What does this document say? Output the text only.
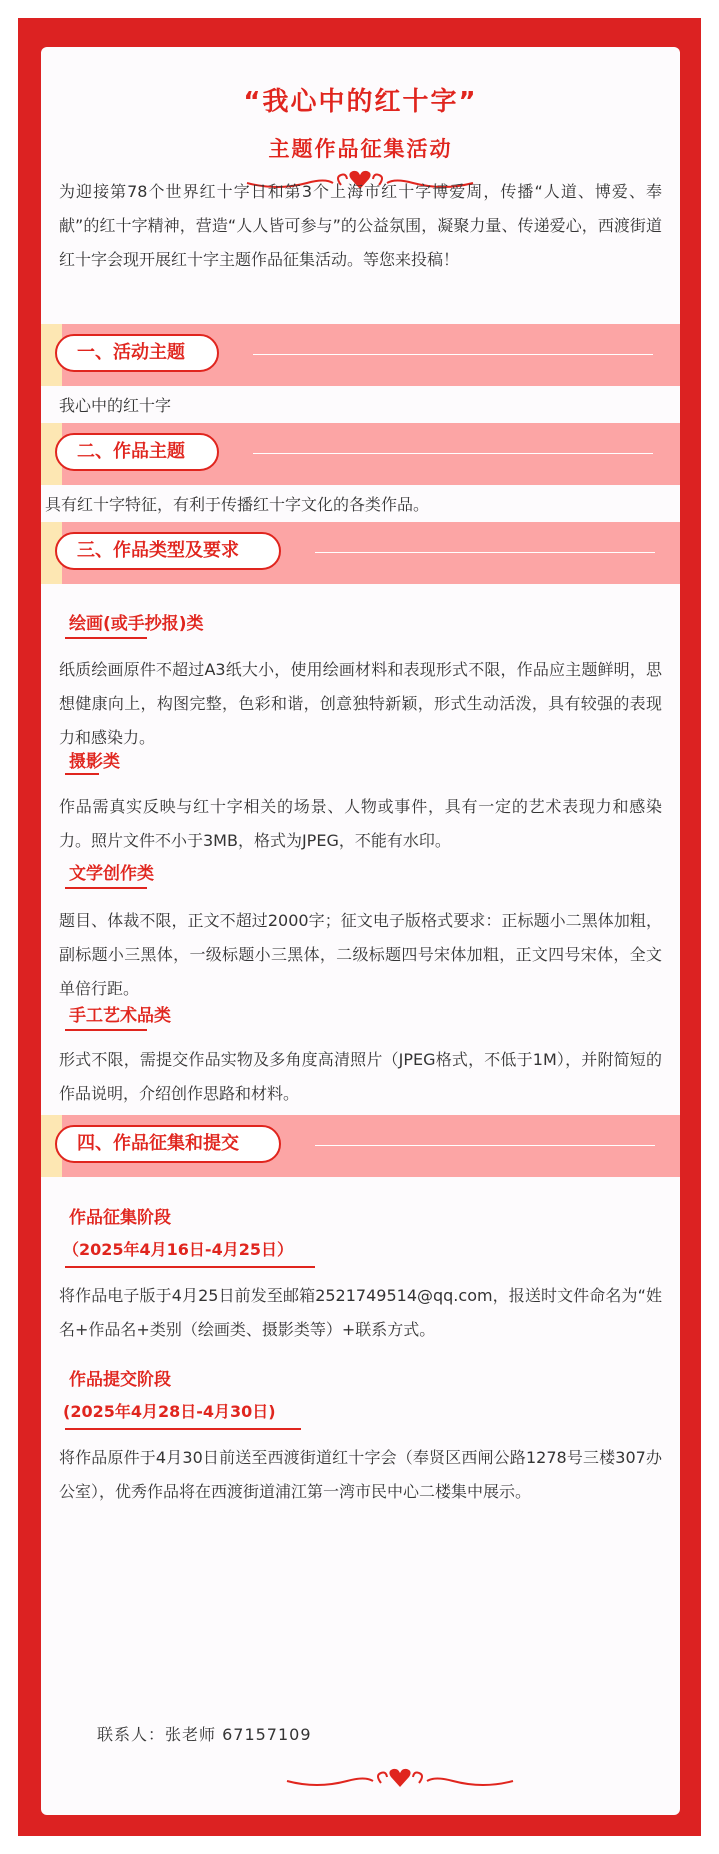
“我心中的红十字”
主题作品征集活动

为迎接第78个世界红十字日和第3个上海市红十字博爱周，传播“人道、博爱、奉献”的红十字精神，营造“人人皆可参与”的公益氛围，凝聚力量、传递爱心，西渡街道红十字会现开展红十字主题作品征集活动。等您来投稿！

一、活动主题
我心中的红十字
二、作品主题
具有红十字特征，有利于传播红十字文化的各类作品。
三、作品类型及要求
绘画(或手抄报)类

纸质绘画原件不超过A3纸大小，使用绘画材料和表现形式不限，作品应主题鲜明，思想健康向上，构图完整，色彩和谐，创意独特新颖，形式生动活泼，具有较强的表现力和感染力。

摄影类

作品需真实反映与红十字相关的场景、人物或事件，具有一定的艺术表现力和感染力。照片文件不小于3MB，格式为JPEG，不能有水印。

文学创作类

题目、体裁不限，正文不超过2000字；征文电子版格式要求：正标题小二黑体加粗，副标题小三黑体，一级标题小三黑体，二级标题四号宋体加粗，正文四号宋体，全文单倍行距。

手工艺术品类

形式不限，需提交作品实物及多角度高清照片（JPEG格式，不低于1M），并附简短的作品说明，介绍创作思路和材料。

四、作品征集和提交
作品征集阶段
（2025年4月16日-4月25日）

将作品电子版于4月25日前发至邮箱2521749514@qq.com，报送时文件命名为“姓名+作品名+类别（绘画类、摄影类等）+联系方式。

作品提交阶段
(2025年4月28日-4月30日)

将作品原件于4月30日前送至西渡街道红十字会（奉贤区西闸公路1278号三楼307办公室），优秀作品将在西渡街道浦江第一湾市民中心二楼集中展示。

联系人：张老师 67157109
